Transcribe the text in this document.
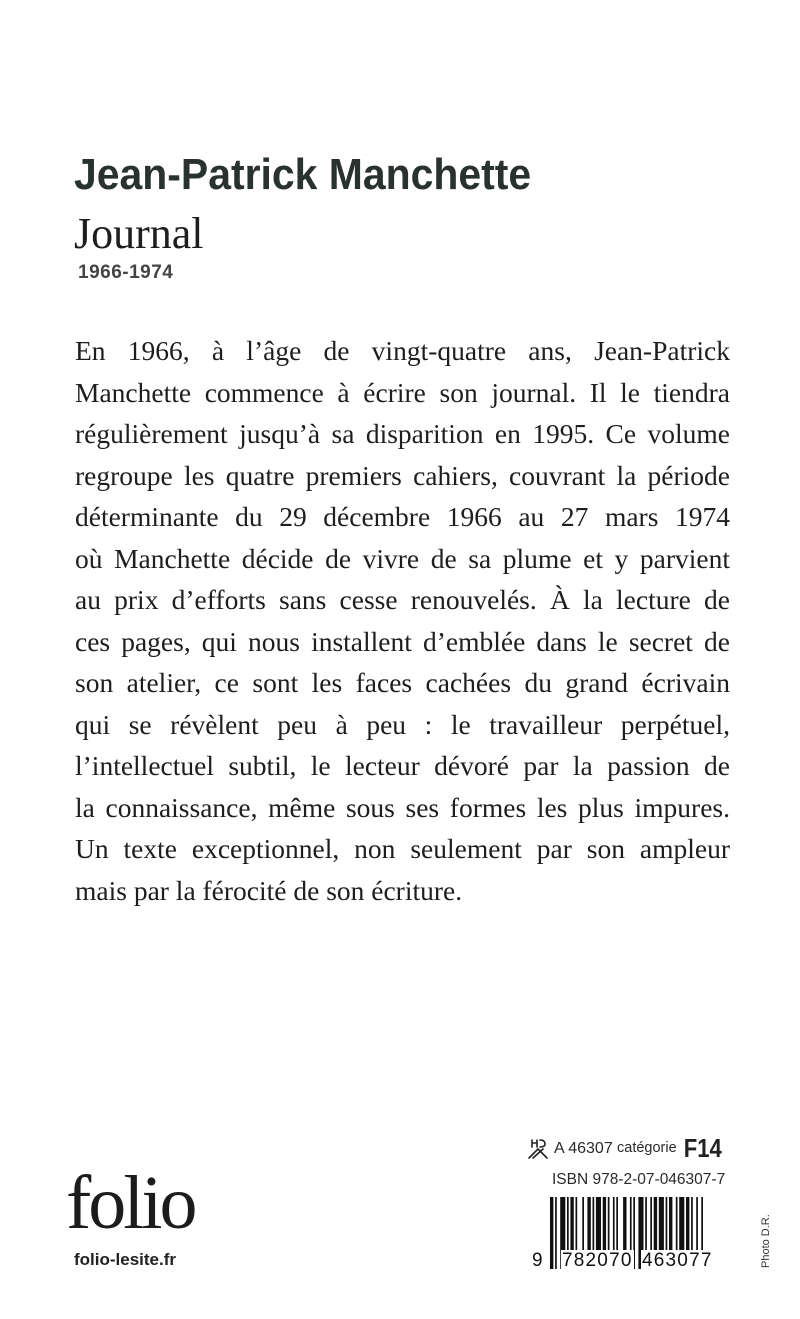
Jean-Patrick Manchette
Journal
1966-1974
En 1966, à l’âge de vingt-quatre ans, Jean-Patrick
Manchette commence à écrire son journal. Il le tiendra
régulièrement jusqu’à sa disparition en 1995. Ce volume
regroupe les quatre premiers cahiers, couvrant la période
déterminante du 29 décembre 1966 au 27 mars 1974
où Manchette décide de vivre de sa plume et y parvient
au prix d’efforts sans cesse renouvelés. À la lecture de
ces pages, qui nous installent d’emblée dans le secret de
son atelier, ce sont les faces cachées du grand écrivain
qui se révèlent peu à peu : le travailleur perpétuel,
l’intellectuel subtil, le lecteur dévoré par la passion de
la connaissance, même sous ses formes les plus impures.
Un texte exceptionnel, non seulement par son ampleur
mais par la férocité de son écriture.
A 46307 catégorie F14
ISBN 978-2-07-046307-7
9 782070 463077
folio
folio-lesite.fr	Photo D.R.
